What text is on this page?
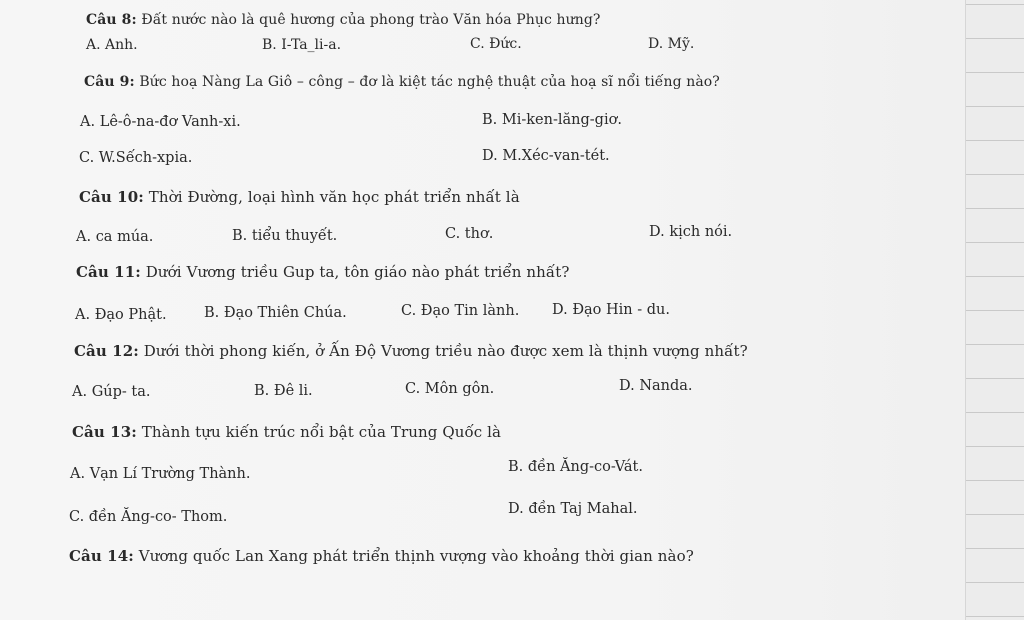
Câu 8: Đất nước nào là quê hương của phong trào Văn hóa Phục hưng?
A. Anh.	B. I-Ta_li-a.	C. Đức.	D. Mỹ.
Câu 9: Bức hoạ Nàng La Giô – công – đơ là kiệt tác nghệ thuật của hoạ sĩ nổi tiếng nào?
A. Lê-ô-na-đơ Vanh-xi.	B. Mi-ken-lăng-giơ.
C. W.Sếch-xpia.	D. M.Xéc-van-tét.
Câu 10: Thời Đường, loại hình văn học phát triển nhất là
A. ca múa.	B. tiểu thuyết.	C. thơ.	D. kịch nói.
Câu 11: Dưới Vương triều Gup ta, tôn giáo nào phát triển nhất?
A. Đạo Phật.	B. Đạo Thiên Chúa.	C. Đạo Tin lành. D. Đạo Hin - du.
Câu 12: Dưới thời phong kiến, ở Ấn Độ Vương triều nào được xem là thịnh vượng nhất?
A. Gúp- ta.	B. Đê li.	C. Môn gôn.	D. Nanda.
Câu 13: Thành tựu kiến trúc nổi bật của Trung Quốc là
A. Vạn Lí Trường Thành.	B. đền Ăng-co-Vát.
C. đền Ăng-co- Thom.	D. đền Taj Mahal.
Câu 14: Vương quốc Lan Xang phát triển thịnh vượng vào khoảng thời gian nào?
